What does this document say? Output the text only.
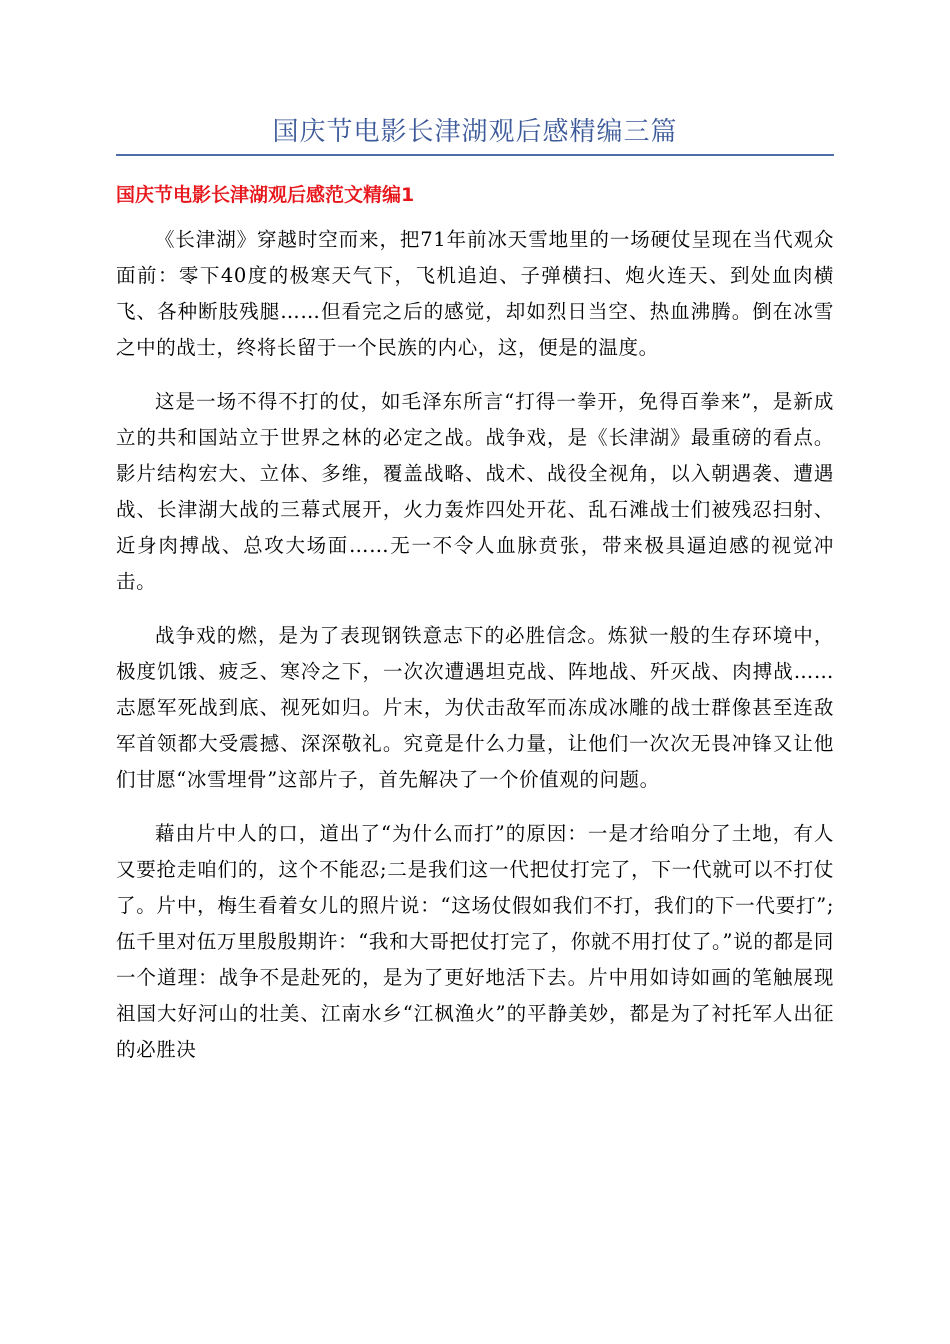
国庆节电影长津湖观后感精编三篇
国庆节电影长津湖观后感范文精编1

《长津湖》穿越时空而来，把71年前冰天雪地里的一场硬仗呈现在当代观众面前：零下40度的极寒天气下，飞机追迫、子弹横扫、炮火连天、到处血肉横飞、各种断肢残腿……但看完之后的感觉，却如烈日当空、热血沸腾。倒在冰雪之中的战士，终将长留于一个民族的内心，这，便是的温度。

这是一场不得不打的仗，如毛泽东所言“打得一拳开，免得百拳来”，是新成立的共和国站立于世界之林的必定之战。战争戏，是《长津湖》最重磅的看点。影片结构宏大、立体、多维，覆盖战略、战术、战役全视角，以入朝遇袭、遭遇战、长津湖大战的三幕式展开，火力轰炸四处开花、乱石滩战士们被残忍扫射、近身肉搏战、总攻大场面……无一不令人血脉贲张，带来极具逼迫感的视觉冲击。

战争戏的燃，是为了表现钢铁意志下的必胜信念。炼狱一般的生存环境中，极度饥饿、疲乏、寒冷之下，一次次遭遇坦克战、阵地战、歼灭战、肉搏战……志愿军死战到底、视死如归。片末，为伏击敌军而冻成冰雕的战士群像甚至连敌军首领都大受震撼、深深敬礼。究竟是什么力量，让他们一次次无畏冲锋又让他们甘愿“冰雪埋骨”这部片子，首先解决了一个价值观的问题。

藉由片中人的口，道出了“为什么而打”的原因：一是才给咱分了土地，有人又要抢走咱们的，这个不能忍;二是我们这一代把仗打完了，下一代就可以不打仗了。片中，梅生看着女儿的照片说：“这场仗假如我们不打，我们的下一代要打”;伍千里对伍万里殷殷期许：“我和大哥把仗打完了，你就不用打仗了。”说的都是同一个道理：战争不是赴死的，是为了更好地活下去。片中用如诗如画的笔触展现祖国大好河山的壮美、江南水乡“江枫渔火”的平静美妙，都是为了衬托军人出征的必胜决
